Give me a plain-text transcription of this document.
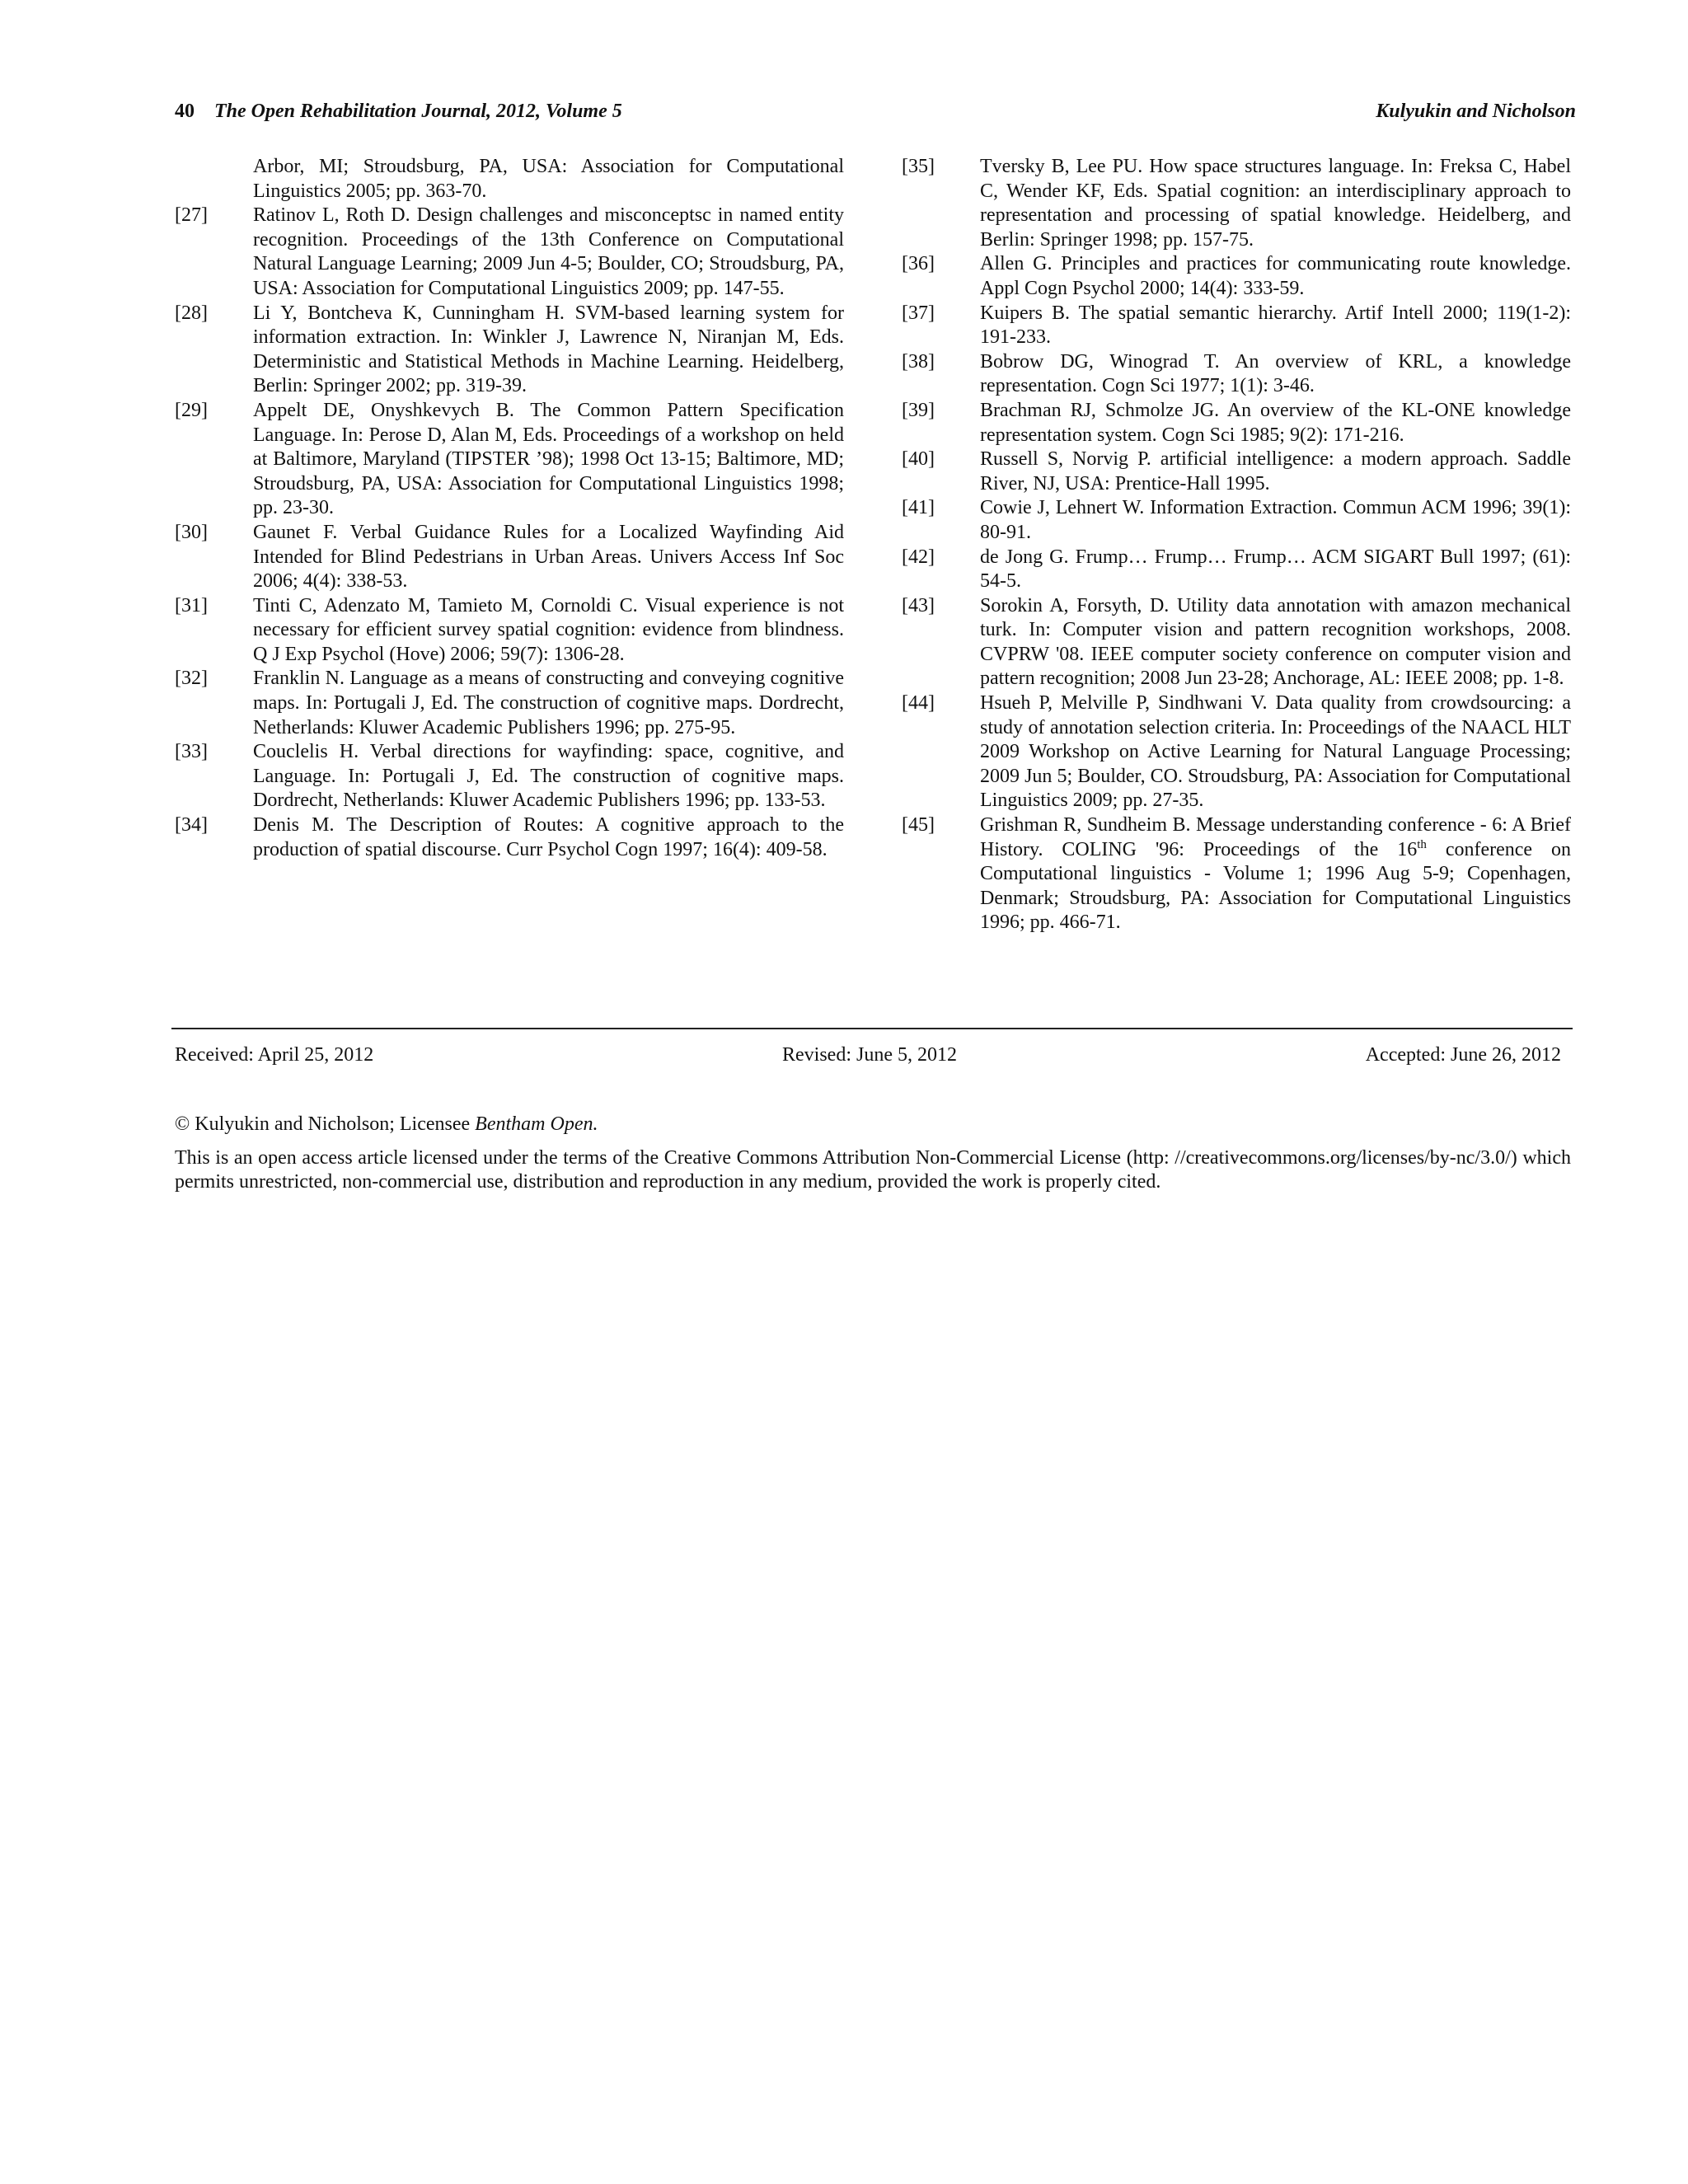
40 The Open Rehabilitation Journal, 2012, Volume 5	Kulyukin and Nicholson
Arbor, MI; Stroudsburg, PA, USA: Association for Computational Linguistics 2005; pp. 363-70.
[27]	Ratinov L, Roth D. Design challenges and misconceptsc in named entity recognition. Proceedings of the 13th Conference on Computational Natural Language Learning; 2009 Jun 4-5; Boulder, CO; Stroudsburg, PA, USA: Association for Computational Linguistics 2009; pp. 147-55.
[28]	Li Y, Bontcheva K, Cunningham H. SVM-based learning system for information extraction. In: Winkler J, Lawrence N, Niranjan M, Eds. Deterministic and Statistical Methods in Machine Learning. Heidelberg, Berlin: Springer 2002; pp. 319-39.
[29]	Appelt DE, Onyshkevych B. The Common Pattern Specification Language. In: Perose D, Alan M, Eds. Proceedings of a workshop on held at Baltimore, Maryland (TIPSTER ’98); 1998 Oct 13-15; Baltimore, MD; Stroudsburg, PA, USA: Association for Computational Linguistics 1998; pp. 23-30.
[30]	Gaunet F. Verbal Guidance Rules for a Localized Wayfinding Aid Intended for Blind Pedestrians in Urban Areas. Univers Access Inf Soc 2006; 4(4): 338-53.
[31]	Tinti C, Adenzato M, Tamieto M, Cornoldi C. Visual experience is not necessary for efficient survey spatial cognition: evidence from blindness. Q J Exp Psychol (Hove) 2006; 59(7): 1306-28.
[32]	Franklin N. Language as a means of constructing and conveying cognitive maps. In: Portugali J, Ed. The construction of cognitive maps. Dordrecht, Netherlands: Kluwer Academic Publishers 1996; pp. 275-95.
[33]	Couclelis H. Verbal directions for wayfinding: space, cognitive, and Language. In: Portugali J, Ed. The construction of cognitive maps. Dordrecht, Netherlands: Kluwer Academic Publishers 1996; pp. 133-53.
[34]	Denis M. The Description of Routes: A cognitive approach to the production of spatial discourse. Curr Psychol Cogn 1997; 16(4): 409-58.
[35]	Tversky B, Lee PU. How space structures language. In: Freksa C, Habel C, Wender KF, Eds. Spatial cognition: an interdisciplinary approach to representation and processing of spatial knowledge. Heidelberg, and Berlin: Springer 1998; pp. 157-75.
[36]	Allen G. Principles and practices for communicating route knowledge. Appl Cogn Psychol 2000; 14(4): 333-59.
[37]	Kuipers B. The spatial semantic hierarchy. Artif Intell 2000; 119(1-2): 191-233.
[38]	Bobrow DG, Winograd T. An overview of KRL, a knowledge representation. Cogn Sci 1977; 1(1): 3-46.
[39]	Brachman RJ, Schmolze JG. An overview of the KL-ONE knowledge representation system. Cogn Sci 1985; 9(2): 171-216.
[40]	Russell S, Norvig P. artificial intelligence: a modern approach. Saddle River, NJ, USA: Prentice-Hall 1995.
[41]	Cowie J, Lehnert W. Information Extraction. Commun ACM 1996; 39(1): 80-91.
[42]	de Jong G. Frump… Frump… Frump… ACM SIGART Bull 1997; (61): 54-5.
[43]	Sorokin A, Forsyth, D. Utility data annotation with amazon mechanical turk. In: Computer vision and pattern recognition workshops, 2008. CVPRW '08. IEEE computer society conference on computer vision and pattern recognition; 2008 Jun 23-28; Anchorage, AL: IEEE 2008; pp. 1-8.
[44]	Hsueh P, Melville P, Sindhwani V. Data quality from crowdsourcing: a study of annotation selection criteria. In: Proceedings of the NAACL HLT 2009 Workshop on Active Learning for Natural Language Processing; 2009 Jun 5; Boulder, CO. Stroudsburg, PA: Association for Computational Linguistics 2009; pp. 27-35.
[45]	Grishman R, Sundheim B. Message understanding conference - 6: A Brief History. COLING '96: Proceedings of the 16th conference on Computational linguistics - Volume 1; 1996 Aug 5-9; Copenhagen, Denmark; Stroudsburg, PA: Association for Computational Linguistics 1996; pp. 466-71.
Received: April 25, 2012	Revised: June 5, 2012	Accepted: June 26, 2012

© Kulyukin and Nicholson; Licensee Bentham Open.

This is an open access article licensed under the terms of the Creative Commons Attribution Non-Commercial License (http: //creativecommons.org/licenses/by-nc/3.0/) which permits unrestricted, non-commercial use, distribution and reproduction in any medium, provided the work is properly cited.
